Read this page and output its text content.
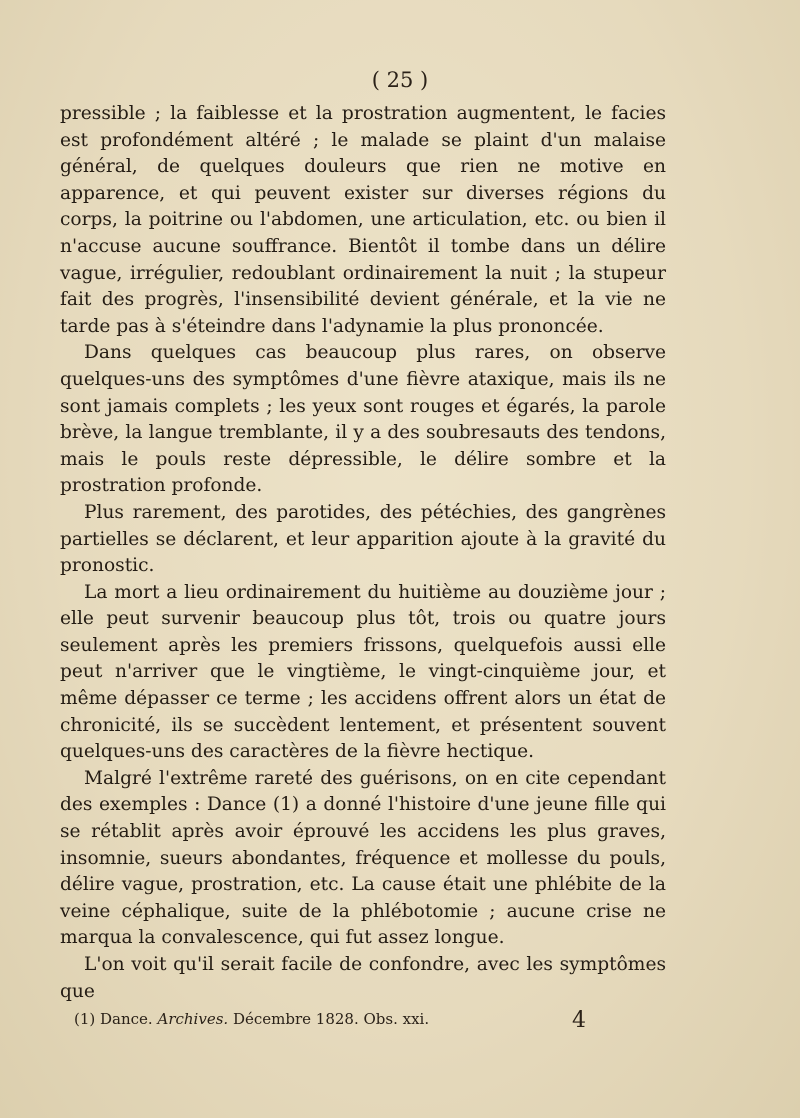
( 25 )

pressible ; la faiblesse et la prostration augmentent, le facies est profondément altéré ; le malade se plaint d'un malaise général, de quelques douleurs que rien ne motive en apparence, et qui peuvent exister sur diverses régions du corps, la poitrine ou l'abdomen, une articulation, etc. ou bien il n'accuse aucune souffrance. Bientôt il tombe dans un délire vague, irrégulier, redoublant ordinairement la nuit ; la stupeur fait des progrès, l'insensibilité devient générale, et la vie ne tarde pas à s'éteindre dans l'adynamie la plus prononcée.

Dans quelques cas beaucoup plus rares, on observe quelques-uns des symptômes d'une fièvre ataxique, mais ils ne sont jamais complets ; les yeux sont rouges et égarés, la parole brève, la langue tremblante, il y a des soubresauts des tendons, mais le pouls reste dépressible, le délire sombre et la prostration profonde.

Plus rarement, des parotides, des pétéchies, des gangrènes partielles se déclarent, et leur apparition ajoute à la gravité du pronostic.

La mort a lieu ordinairement du huitième au douzième jour ; elle peut survenir beaucoup plus tôt, trois ou quatre jours seulement après les premiers frissons, quelquefois aussi elle peut n'arriver que le vingtième, le vingt-cinquième jour, et même dépasser ce terme ; les accidens offrent alors un état de chronicité, ils se succèdent lentement, et présentent souvent quelques-uns des caractères de la fièvre hectique.

Malgré l'extrême rareté des guérisons, on en cite cependant des exemples : Dance (1) a donné l'histoire d'une jeune fille qui se rétablit après avoir éprouvé les accidens les plus graves, insomnie, sueurs abondantes, fréquence et mollesse du pouls, délire vague, prostration, etc. La cause était une phlébite de la veine céphalique, suite de la phlébotomie ; aucune crise ne marqua la convalescence, qui fut assez longue.

L'on voit qu'il serait facile de confondre, avec les symptômes que

(1) Dance. Archives. Décembre 1828. Obs. xxi.	4
